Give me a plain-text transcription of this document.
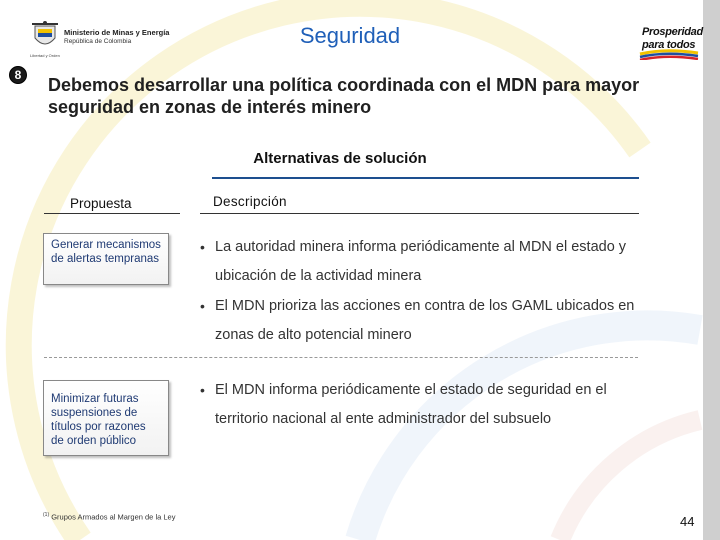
Ministerio de Minas y Energía
República de Colombia
Libertad y Orden
Seguridad	Prosperidad
para todos
8 Debemos desarrollar una política coordinada con el MDN para mayor seguridad en zonas de interés minero
Alternativas de solución
Propuesta	Descripción
Generar mecanismos de alertas tempranas
• La autoridad minera informa periódicamente al MDN el estado y ubicación de la actividad minera
• El MDN prioriza las acciones en contra de los GAML ubicados en zonas de alto potencial minero
Minimizar futuras suspensiones de títulos por razones de orden público
• El MDN informa periódicamente el estado de seguridad en el territorio nacional al ente administrador del subsuelo
$^{(1)}$ Grupos Armados al Margen de la Ley	44
